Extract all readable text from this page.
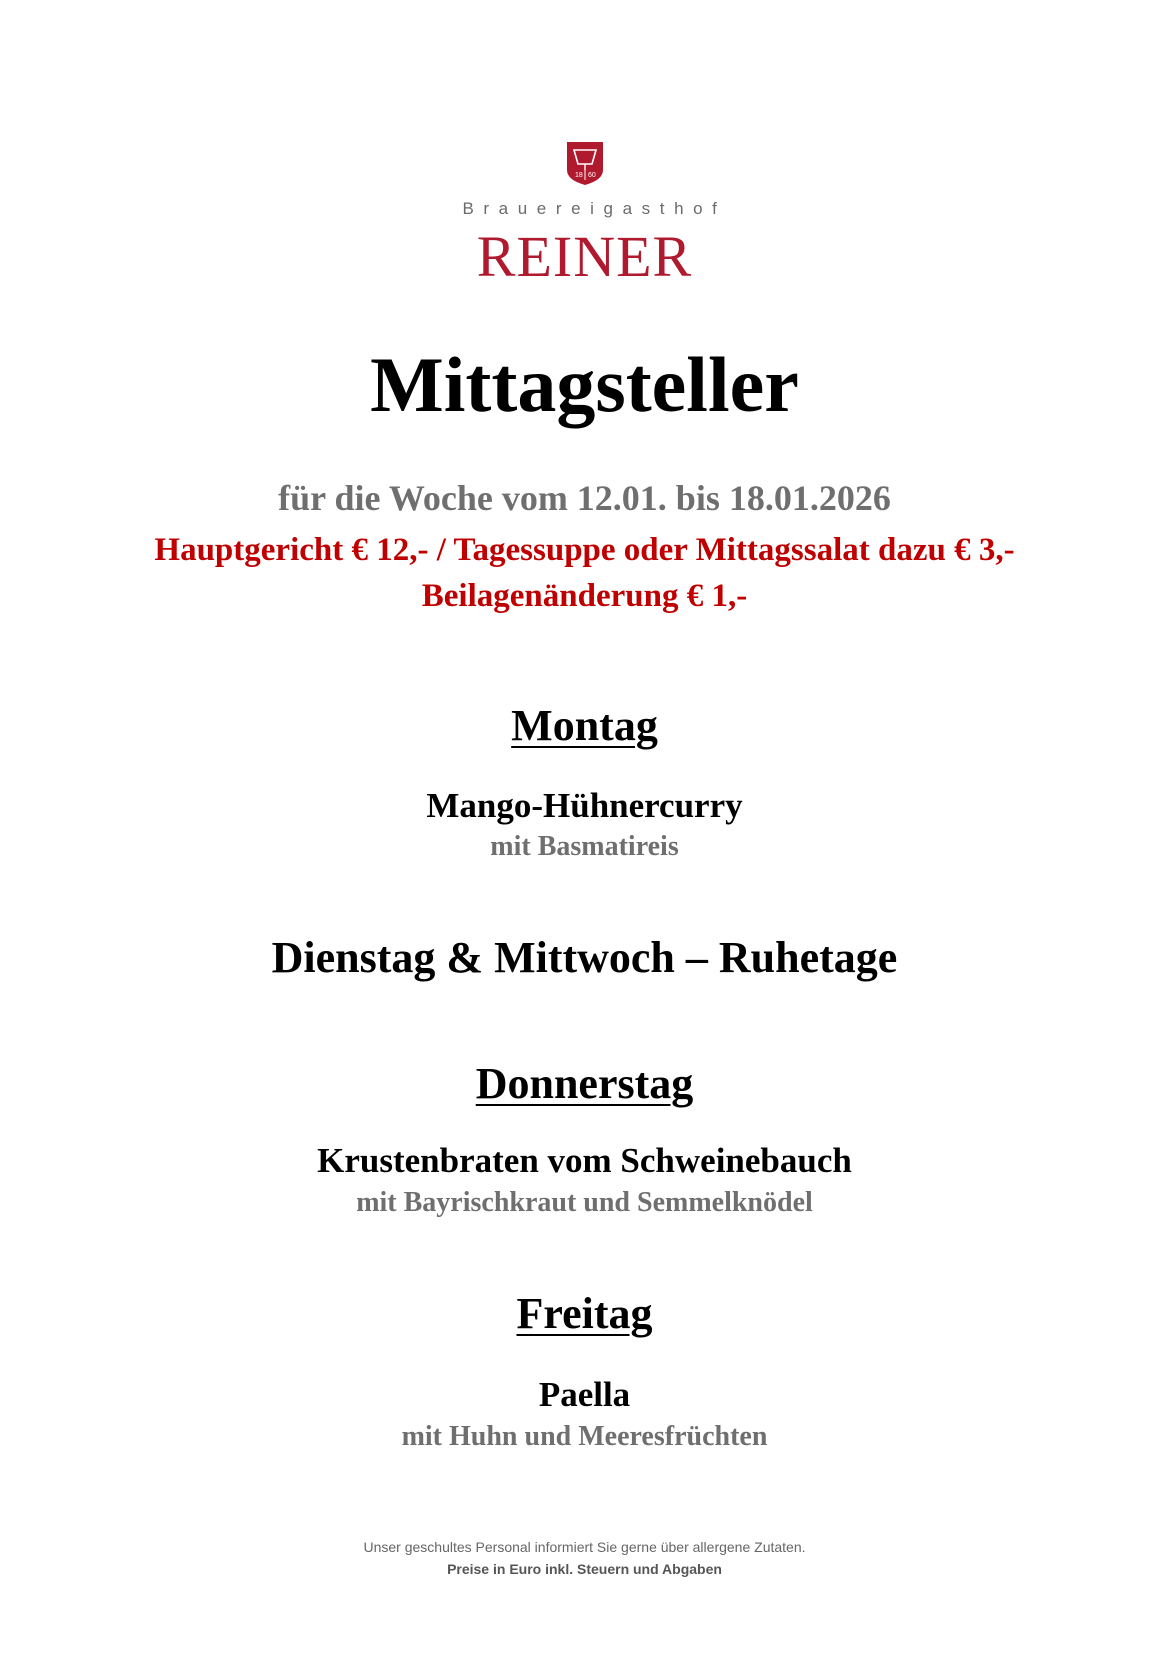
18 60
Brauereigasthof
REINER
Mittagsteller
für die Woche vom 12.01. bis 18.01.2026
Hauptgericht € 12,- / Tagessuppe oder Mittagssalat dazu € 3,-
Beilagenänderung € 1,-
Montag
Mango-Hühnercurry
mit Basmatireis
Dienstag & Mittwoch – Ruhetage
Donnerstag
Krustenbraten vom Schweinebauch
mit Bayrischkraut und Semmelknödel
Freitag
Paella
mit Huhn und Meeresfrüchten
Unser geschultes Personal informiert Sie gerne über allergene Zutaten.
Preise in Euro inkl. Steuern und Abgaben
